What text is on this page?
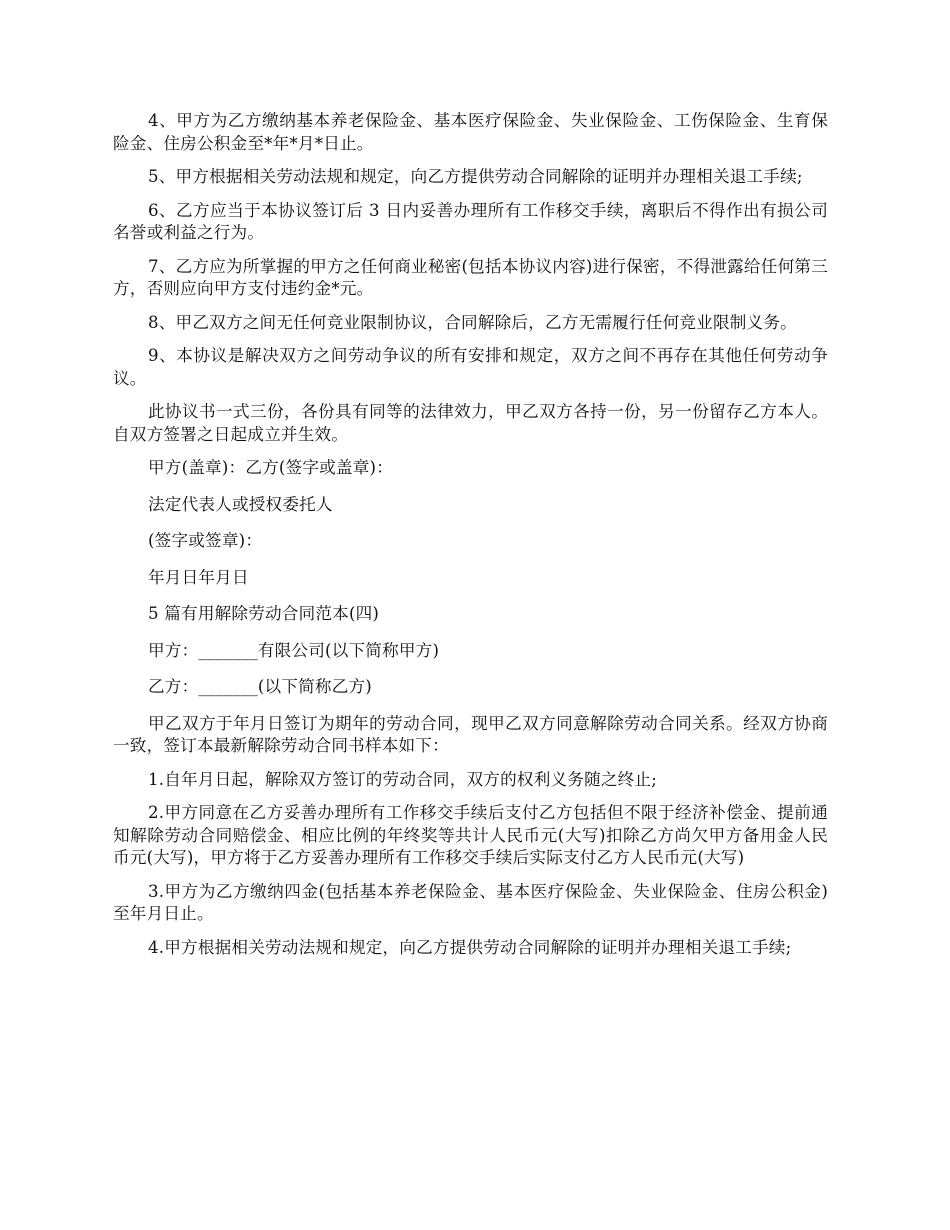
4、甲方为乙方缴纳基本养老保险金、基本医疗保险金、失业保险金、工伤保险金、生育保险金、住房公积金至*年*月*日止。

5、甲方根据相关劳动法规和规定，向乙方提供劳动合同解除的证明并办理相关退工手续;

6、乙方应当于本协议签订后 3 日内妥善办理所有工作移交手续，离职后不得作出有损公司名誉或利益之行为。

7、乙方应为所掌握的甲方之任何商业秘密(包括本协议内容)进行保密，不得泄露给任何第三方，否则应向甲方支付违约金*元。

8、甲乙双方之间无任何竞业限制协议，合同解除后，乙方无需履行任何竞业限制义务。

9、本协议是解决双方之间劳动争议的所有安排和规定，双方之间不再存在其他任何劳动争议。

此协议书一式三份，各份具有同等的法律效力，甲乙双方各持一份，另一份留存乙方本人。自双方签署之日起成立并生效。

甲方(盖章)：乙方(签字或盖章)：

法定代表人或授权委托人

(签字或签章)：

年月日年月日

5 篇有用解除劳动合同范本(四)

甲方：_______有限公司(以下简称甲方)

乙方：_______(以下简称乙方)

甲乙双方于年月日签订为期年的劳动合同，现甲乙双方同意解除劳动合同关系。经双方协商一致，签订本最新解除劳动合同书样本如下：

1.自年月日起，解除双方签订的劳动合同，双方的权利义务随之终止;

2.甲方同意在乙方妥善办理所有工作移交手续后支付乙方包括但不限于经济补偿金、提前通知解除劳动合同赔偿金、相应比例的年终奖等共计人民币元(大写)扣除乙方尚欠甲方备用金人民币元(大写)，甲方将于乙方妥善办理所有工作移交手续后实际支付乙方人民币元(大写)

3.甲方为乙方缴纳四金(包括基本养老保险金、基本医疗保险金、失业保险金、住房公积金)至年月日止。

4.甲方根据相关劳动法规和规定，向乙方提供劳动合同解除的证明并办理相关退工手续;
